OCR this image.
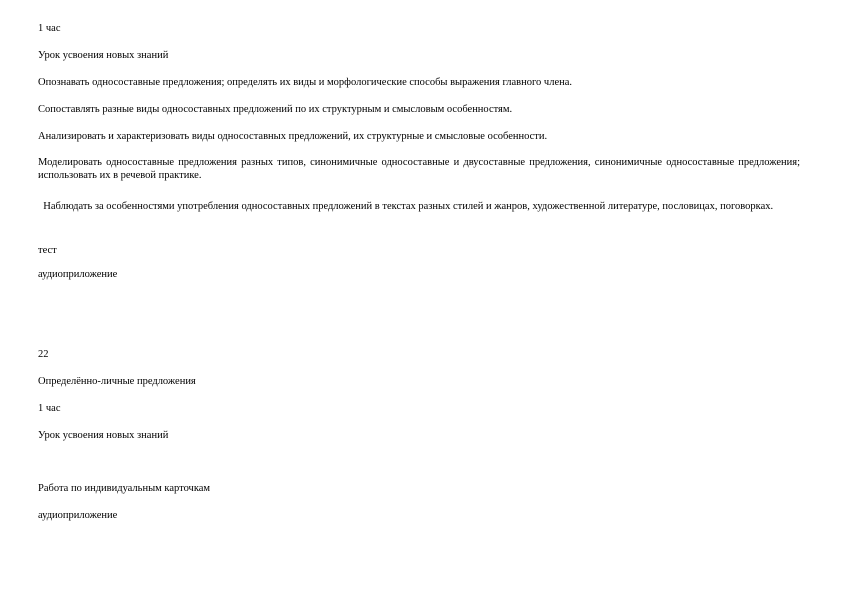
1 час
Урок усвоения новых знаний
Опознавать односоставные предложения; определять их виды и морфологические способы выражения главного члена.
Сопоставлять разные виды односоставных предложений по их структурным и смысловым особенностям.
Анализировать и характеризовать виды односоставных предложений, их структурные и смысловые особенности.
Моделировать односоставные предложения разных типов, синонимичные односоставные и двусоставные предложения, синонимичные односоставные предложения; использовать их в речевой практике.
Наблюдать за особенностями употребления односоставных предложений в текстах разных стилей и жанров, художественной литературе, пословицах, поговорках.
тест
аудиоприложение
22
Определённо-личные предложения
1 час
Урок усвоения новых знаний
Работа по индивидуальным карточкам
аудиоприложение
